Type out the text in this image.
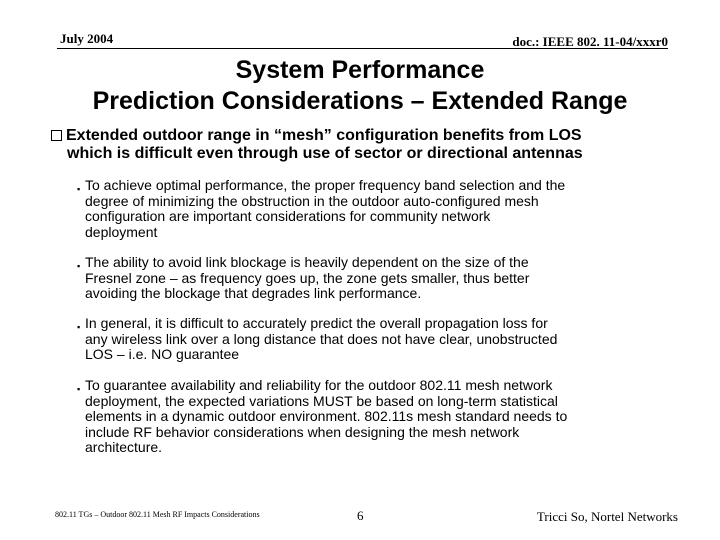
July 2004	doc.: IEEE 802. 11-04/xxxr0
System Performance
Prediction Considerations – Extended Range
Extended outdoor range in “mesh” configuration benefits from LOS
which is difficult even through use of sector or directional antennas
▪ To achieve optimal performance, the proper frequency band selection and the
degree of minimizing the obstruction in the outdoor auto-configured mesh
configuration are important considerations for community network
deployment
▪ The ability to avoid link blockage is heavily dependent on the size of the
Fresnel zone – as frequency goes up, the zone gets smaller, thus better
avoiding the blockage that degrades link performance.
▪ In general, it is difficult to accurately predict the overall propagation loss for
any wireless link over a long distance that does not have clear, unobstructed
LOS – i.e. NO guarantee
▪ To guarantee availability and reliability for the outdoor 802.11 mesh network
deployment, the expected variations MUST be based on long-term statistical
elements in a dynamic outdoor environment. 802.11s mesh standard needs to
include RF behavior considerations when designing the mesh network
architecture.
802.11 TGs – Outdoor 802.11 Mesh RF Impacts Considerations	6	Tricci So, Nortel Networks
